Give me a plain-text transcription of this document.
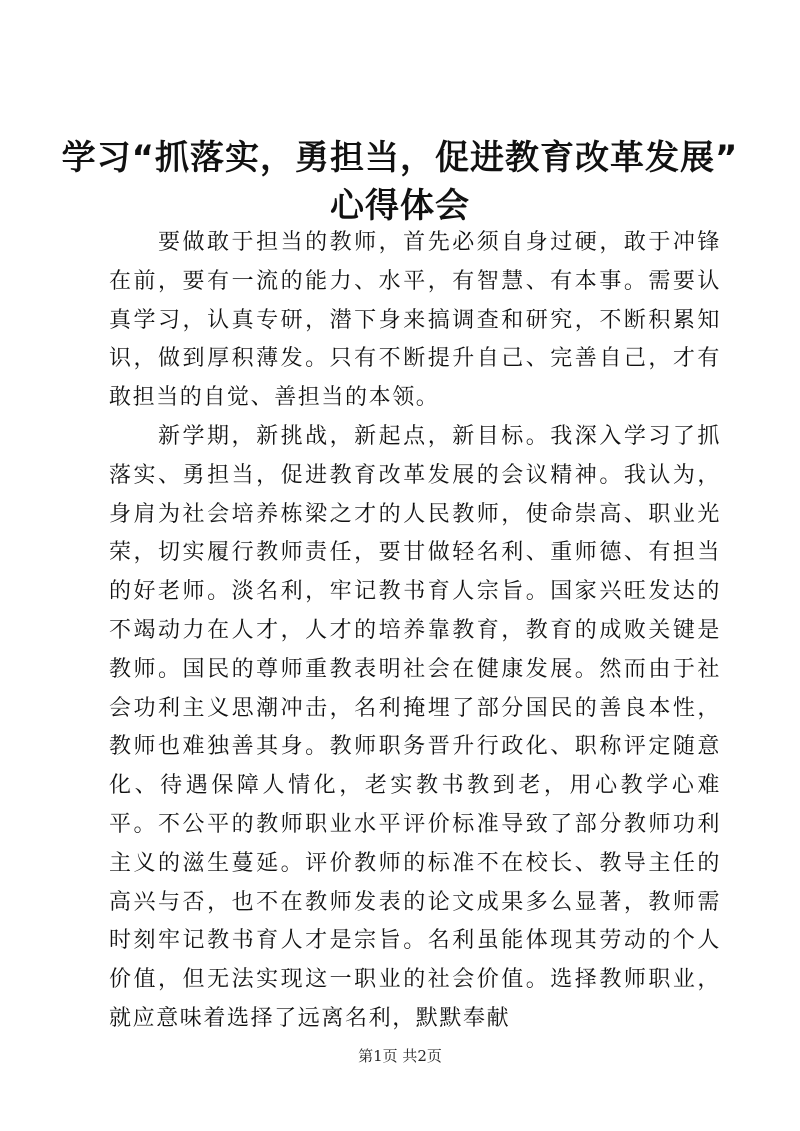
学习“抓落实，勇担当，促进教育改革发展”
心得体会

要做敢于担当的教师，首先必须自身过硬，敢于冲锋在前，要有一流的能力、水平，有智慧、有本事。需要认真学习，认真专研，潜下身来搞调查和研究，不断积累知识，做到厚积薄发。只有不断提升自己、完善自己，才有敢担当的自觉、善担当的本领。

新学期，新挑战，新起点，新目标。我深入学习了抓落实、勇担当，促进教育改革发展的会议精神。我认为，身肩为社会培养栋梁之才的人民教师，使命崇高、职业光荣，切实履行教师责任，要甘做轻名利、重师德、有担当的好老师。淡名利，牢记教书育人宗旨。国家兴旺发达的不竭动力在人才，人才的培养靠教育，教育的成败关键是教师。国民的尊师重教表明社会在健康发展。然而由于社会功利主义思潮冲击，名利掩埋了部分国民的善良本性，教师也难独善其身。教师职务晋升行政化、职称评定随意化、待遇保障人情化，老实教书教到老，用心教学心难平。不公平的教师职业水平评价标准导致了部分教师功利主义的滋生蔓延。评价教师的标准不在校长、教导主任的高兴与否，也不在教师发表的论文成果多么显著，教师需时刻牢记教书育人才是宗旨。名利虽能体现其劳动的个人价值，但无法实现这一职业的社会价值。选择教师职业，就应意味着选择了远离名利，默默奉献

第1页 共2页
